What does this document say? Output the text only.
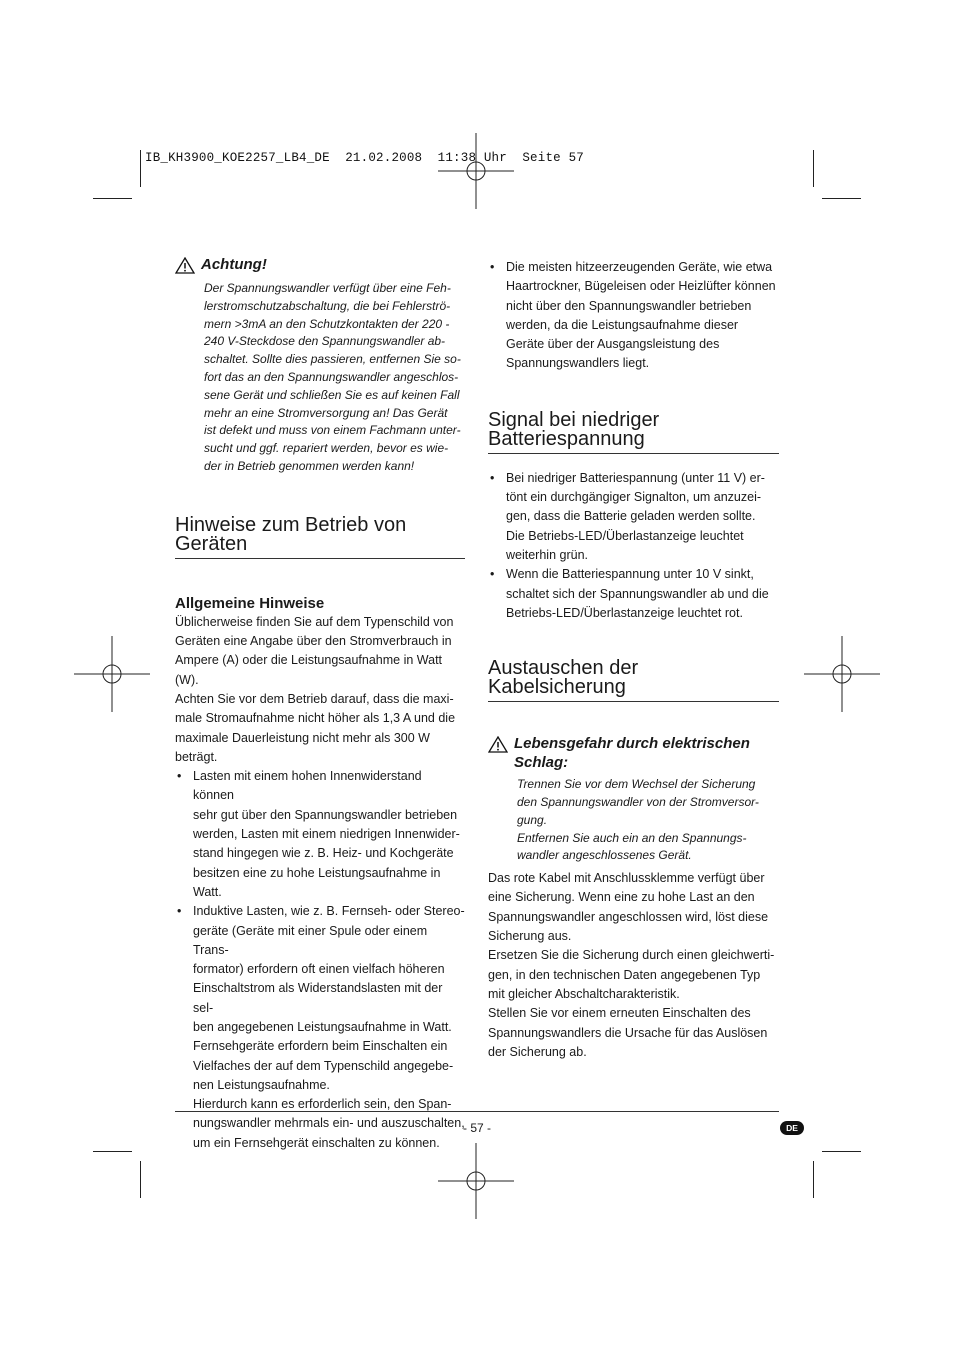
IB_KH3900_KOE2257_LB4_DE  21.02.2008  11:38 Uhr  Seite 57
Achtung!

Der Spannungswandler verfügt über eine Feh-

lerstromschutzabschaltung, die bei Fehlerströ-

mern >3mA an den Schutzkontakten der 220 -

240 V-Steckdose den Spannungswandler ab-

schaltet. Sollte dies passieren, entfernen Sie so-

fort das an den Spannungswandler angeschlos-

sene Gerät und schließen Sie es auf keinen Fall

mehr an eine Stromversorgung an! Das Gerät

ist defekt und muss von einem Fachmann unter-

sucht und ggf. repariert werden, bevor es wie-

der in Betrieb genommen werden kann!

Hinweise zum Betrieb von
Geräten
Allgemeine Hinweise

Üblicherweise finden Sie auf dem Typenschild von

Geräten eine Angabe über den Stromverbrauch in

Ampere (A) oder die Leistungsaufnahme in Watt (W).

Achten Sie vor dem Betrieb darauf, dass die maxi-

male Stromaufnahme nicht höher als 1,3 A und die

maximale Dauerleistung nicht mehr als 300 W

beträgt.

• Lasten mit einem hohen Innenwiderstand können

sehr gut über den Spannungswandler betrieben

werden, Lasten mit einem niedrigen Innenwider-

stand hingegen wie z. B. Heiz- und Kochgeräte

besitzen eine zu hohe Leistungsaufnahme in Watt.

• Induktive Lasten, wie z. B. Fernseh- oder Stereo-

geräte (Geräte mit einer Spule oder einem Trans-

formator) erfordern oft einen vielfach höheren

Einschaltstrom als Widerstandslasten mit der sel-

ben angegebenen Leistungsaufnahme in Watt.

Fernsehgeräte erfordern beim Einschalten ein

Vielfaches der auf dem Typenschild angegebe-

nen Leistungsaufnahme.

Hierdurch kann es erforderlich sein, den Span-

nungswandler mehrmals ein- und auszuschalten,

um ein Fernsehgerät einschalten zu können.

• Die meisten hitzeerzeugenden Geräte, wie etwa

Haartrockner, Bügeleisen oder Heizlüfter können

nicht über den Spannungswandler betrieben

werden, da die Leistungsaufnahme dieser

Geräte über der Ausgangsleistung des

Spannungswandlers liegt.

Signal bei niedriger
Batteriespannung

• Bei niedriger Batteriespannung (unter 11 V) er-

tönt ein durchgängiger Signalton, um anzuzei-

gen, dass die Batterie geladen werden sollte.

Die Betriebs-LED/Überlastanzeige leuchtet

weiterhin grün.

• Wenn die Batteriespannung unter 10 V sinkt,

schaltet sich der Spannungswandler ab und die

Betriebs-LED/Überlastanzeige leuchtet rot.

Austauschen der
Kabelsicherung
Lebensgefahr durch elektrischen
Schlag:

Trennen Sie vor dem Wechsel der Sicherung

den Spannungswandler von der Stromversor-

gung.

Entfernen Sie auch ein an den Spannungs-

wandler angeschlossenes Gerät.

Das rote Kabel mit Anschlussklemme verfügt über

eine Sicherung. Wenn eine zu hohe Last an den

Spannungswandler angeschlossen wird, löst diese

Sicherung aus.

Ersetzen Sie die Sicherung durch einen gleichwerti-

gen, in den technischen Daten angegebenen Typ

mit gleicher Abschaltcharakteristik.

Stellen Sie vor einem erneuten Einschalten des

Spannungswandlers die Ursache für das Auslösen

der Sicherung ab.

- 57 -	DE
